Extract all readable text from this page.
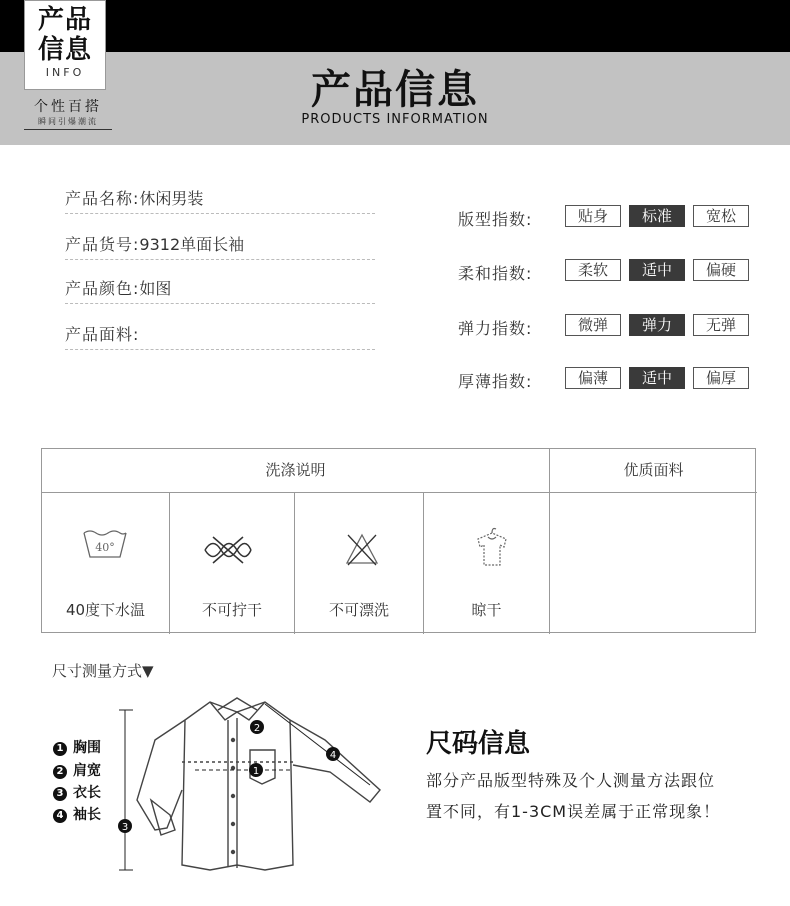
产品
信息
INFO
个性百搭
瞬间引爆潮流
产品信息
PRODUCTS INFORMATION
产品名称:休闲男装
产品货号:9312单面长袖
产品颜色:如图
产品面料:
版型指数:	贴身	标准	宽松
柔和指数:	柔软	适中	偏硬
弹力指数:	微弹	弹力	无弹
厚薄指数:	偏薄	适中	偏厚
洗涤说明	优质面料
40°
40度下水温	不可拧干	不可漂洗	晾干
尺寸测量方式▼
1 胸围
2 肩宽
3 衣长
4 袖长
1
2
3
4	尺码信息
部分产品版型特殊及个人测量方法跟位
置不同，有1-3CM误差属于正常现象！
